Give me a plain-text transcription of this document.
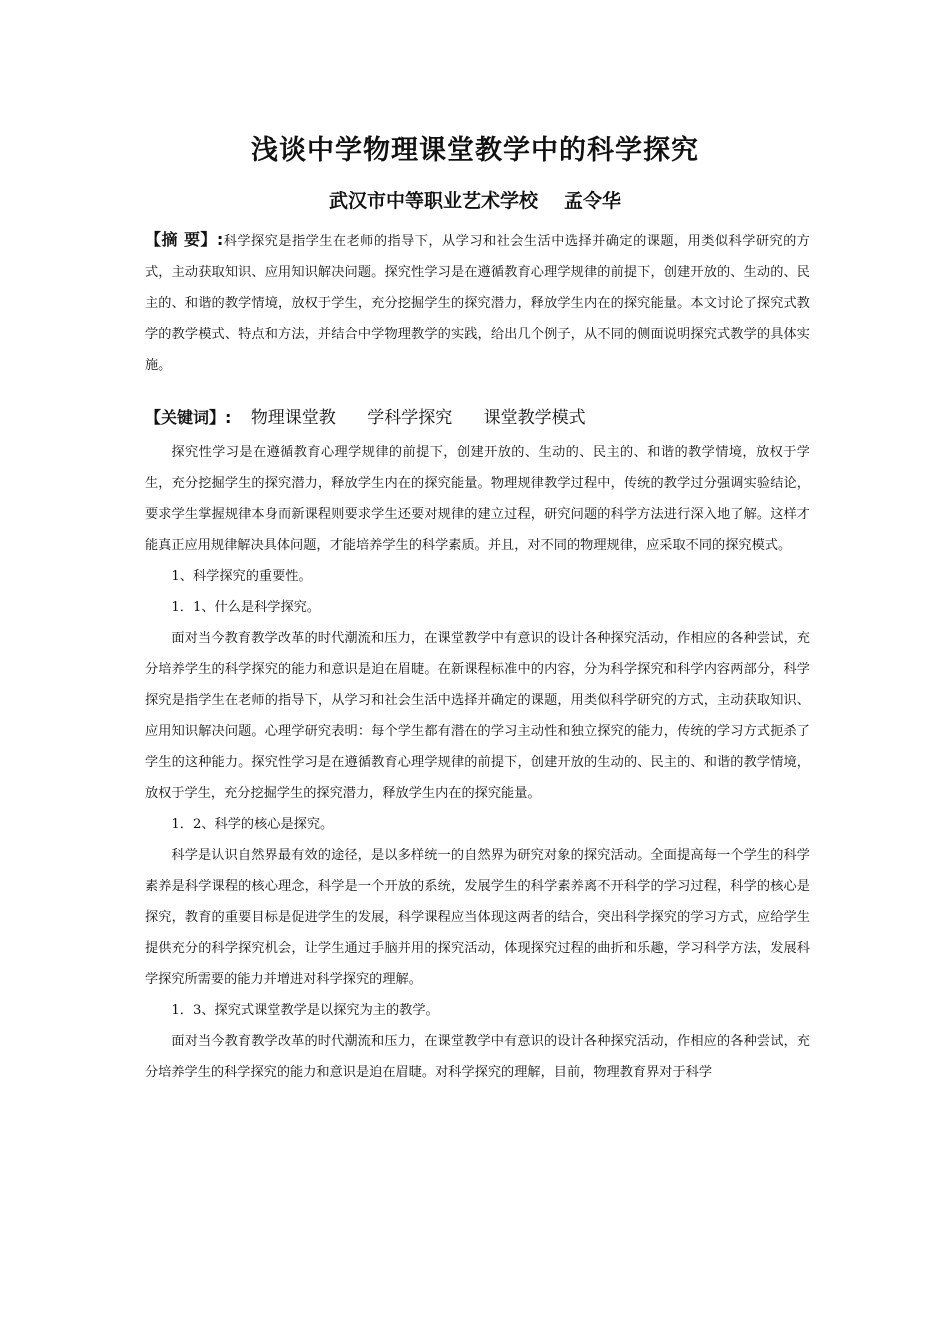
浅谈中学物理课堂教学中的科学探究
武汉市中等职业艺术学校 孟令华
【摘 要】:科学探究是指学生在老师的指导下，从学习和社会生活中选择并确定的课题，用类似科学研究的方式，主动获取知识、应用知识解决问题。探究性学习是在遵循教育心理学规律的前提下，创建开放的、生动的、民主的、和谐的教学情境，放权于学生，充分挖掘学生的探究潜力，释放学生内在的探究能量。本文讨论了探究式教学的教学模式、特点和方法，并结合中学物理教学的实践，给出几个例子，从不同的侧面说明探究式教学的具体实施。
【关键词】: 物理课堂教 学科学探究 课堂教学模式

探究性学习是在遵循教育心理学规律的前提下，创建开放的、生动的、民主的、和谐的教学情境，放权于学生，充分挖掘学生的探究潜力，释放学生内在的探究能量。物理规律教学过程中，传统的教学过分强调实验结论，要求学生掌握规律本身而新课程则要求学生还要对规律的建立过程，研究问题的科学方法进行深入地了解。这样才能真正应用规律解决具体问题，才能培养学生的科学素质。并且，对不同的物理规律，应采取不同的探究模式。

1、科学探究的重要性。

1．1、什么是科学探究。

面对当今教育教学改革的时代潮流和压力，在课堂教学中有意识的设计各种探究活动，作相应的各种尝试，充分培养学生的科学探究的能力和意识是迫在眉睫。在新课程标准中的内容，分为科学探究和科学内容两部分，科学探究是指学生在老师的指导下，从学习和社会生活中选择并确定的课题，用类似科学研究的方式，主动获取知识、应用知识解决问题。心理学研究表明：每个学生都有潜在的学习主动性和独立探究的能力，传统的学习方式扼杀了学生的这种能力。探究性学习是在遵循教育心理学规律的前提下，创建开放的生动的、民主的、和谐的教学情境，放权于学生，充分挖掘学生的探究潜力，释放学生内在的探究能量。

1．2、科学的核心是探究。

科学是认识自然界最有效的途径，是以多样统一的自然界为研究对象的探究活动。全面提高每一个学生的科学素养是科学课程的核心理念，科学是一个开放的系统，发展学生的科学素养离不开科学的学习过程，科学的核心是探究，教育的重要目标是促进学生的发展，科学课程应当体现这两者的结合，突出科学探究的学习方式，应给学生提供充分的科学探究机会，让学生通过手脑并用的探究活动，体现探究过程的曲折和乐趣，学习科学方法，发展科学探究所需要的能力并增进对科学探究的理解。

1．3、探究式课堂教学是以探究为主的教学。

面对当今教育教学改革的时代潮流和压力，在课堂教学中有意识的设计各种探究活动，作相应的各种尝试，充分培养学生的科学探究的能力和意识是迫在眉睫。对科学探究的理解，目前，物理教育界对于科学
